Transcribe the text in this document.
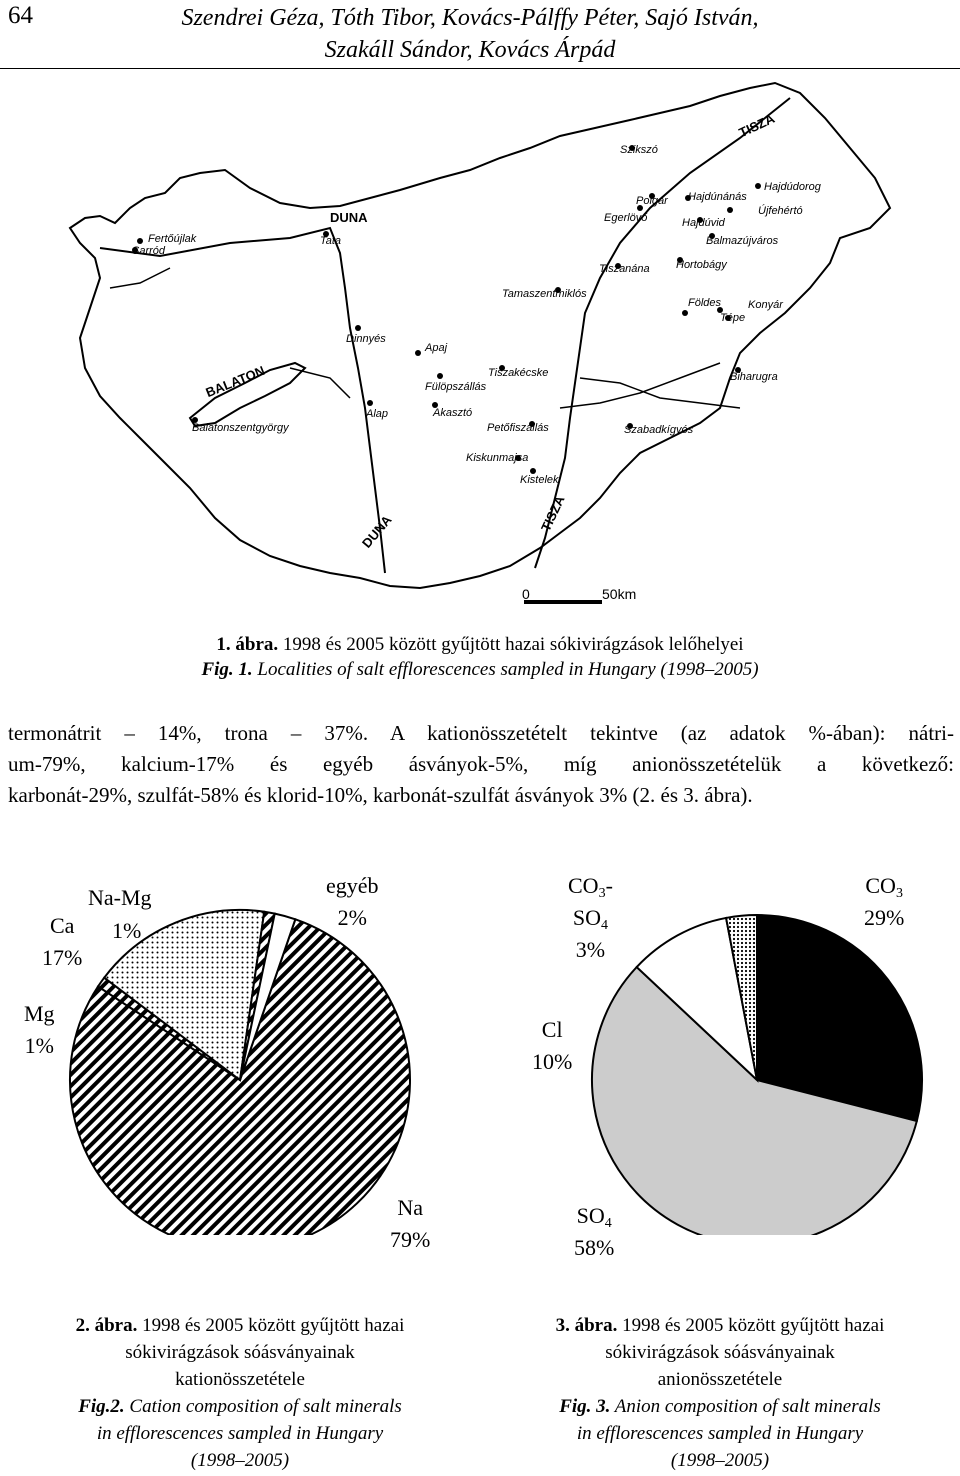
64	Szendrei Géza, Tóth Tibor, Kovács-Pálffy Péter, Sajó István,
Szakáll Sándor, Kovács Árpád
DUNA
DUNA
TISZA
TISZA
BALATON
Fertőújlak
Sarród
Tata
Dinnyés
Apaj
Fülöpszállás
Alap	Akasztó
Balatonszentgyörgy
Szikszó
Polgár
Egerlövő
Hajdúnánás
Hajdúdorog
Újfehértó
Hajdúvid
Balmazújváros
Hortobágy
Tiszanána
Tamaszentmiklós
Földes Konyár
Tépe
Tiszakécske	Biharugra
Petőfiszállás	Szabadkígyós
Kiskunmajsa
Kistelek
0	50km
1. ábra. 1998 és 2005 között gyűjtött hazai sókivirágzások lelőhelyei
Fig. 1. Localities of salt efflorescences sampled in Hungary (1998–2005)
termonátrit – 14%, trona – 37%. A kationösszetételt tekintve (az adatok %-ában): nátri-
um-79%, kalcium-17% és egyéb ásványok-5%, míg anionösszetételük a következő:
karbonát-29%, szulfát-58% és klorid-10%, karbonát-szulfát ásványok 3% (2. és 3. ábra).
Na-Mg
1%
Ca
17%
egyéb
2%
Mg
1%
Na
79%
$CO_3-$
$SO_4$
3%
$CO_3$
29%
Cl
10%
$SO_4$
58%
2. ábra. 1998 és 2005 között gyűjtött hazai
sókivirágzások sóásványainak
kationösszetétele
Fig.2. Cation composition of salt minerals
in efflorescences sampled in Hungary
(1998–2005)
3. ábra. 1998 és 2005 között gyűjtött hazai
sókivirágzások sóásványainak
anionösszetétele
Fig. 3. Anion composition of salt minerals
in efflorescences sampled in Hungary
(1998–2005)
